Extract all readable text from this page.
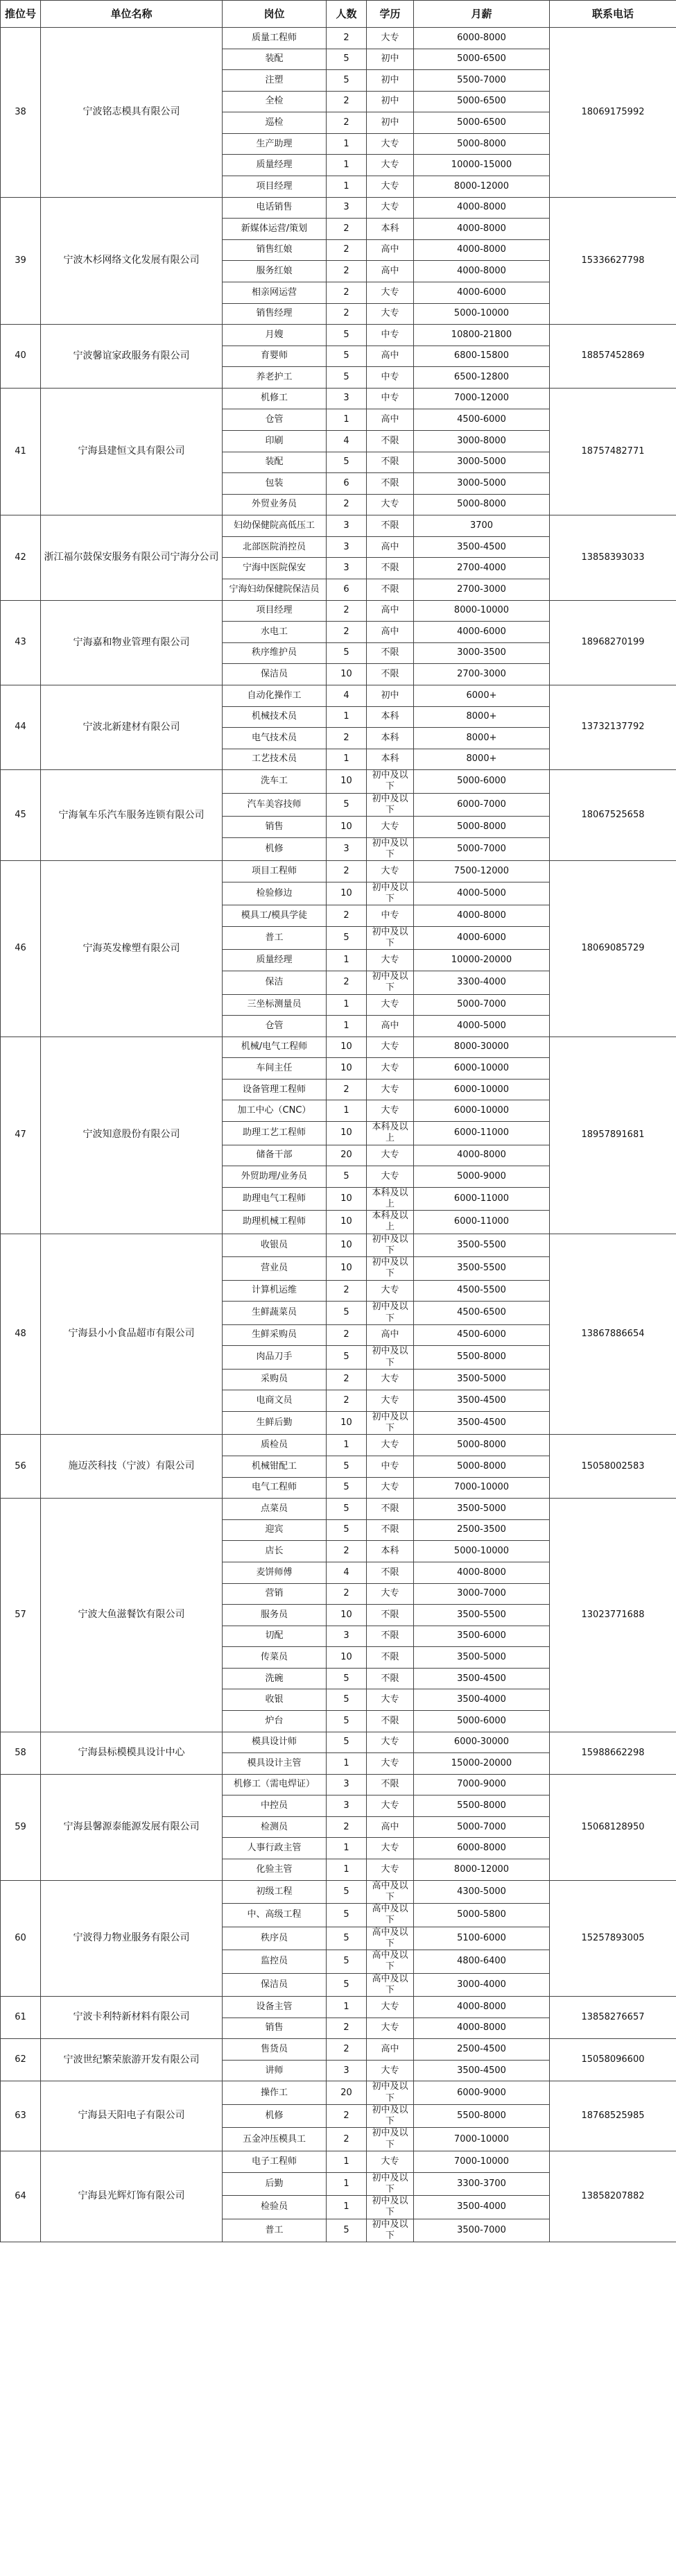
推位号	单位名称	岗位	人数	学历	月薪	联系电话
38	宁波铭志模具有限公司	质量工程师	2	大专	6000-8000	18069175992
		装配	5	初中	5000-6500	
		注塑	5	初中	5500-7000	
		全检	2	初中	5000-6500	
		巡检	2	初中	5000-6500	
		生产助理	1	大专	5000-8000	
		质量经理	1	大专	10000-15000	
		项目经理	1	大专	8000-12000	
39	宁波木杉网络文化发展有限公司	电话销售	3	大专	4000-8000	15336627798
		新媒体运营/策划	2	本科	4000-8000	
		销售红娘	2	高中	4000-8000	
		服务红娘	2	高中	4000-8000	
		相亲网运营	2	大专	4000-6000	
		销售经理	2	大专	5000-10000	
40	宁波馨谊家政服务有限公司	月嫂	5	中专	10800-21800	18857452869
		育婴师	5	高中	6800-15800	
		养老护工	5	中专	6500-12800	
41	宁海县建恒文具有限公司	机修工	3	中专	7000-12000	18757482771
		仓管	1	高中	4500-6000	
		印刷	4	不限	3000-8000	
		装配	5	不限	3000-5000	
		包装	6	不限	3000-5000	
		外贸业务员	2	大专	5000-8000	
42	浙江福尔鼓保安服务有限公司宁海分公司	妇幼保健院高低压工	3	不限	3700	13858393033
		北部医院消控员	3	高中	3500-4500	
		宁海中医院保安	3	不限	2700-4000	
		宁海妇幼保健院保洁员	6	不限	2700-3000	
43	宁海嘉和物业管理有限公司	项目经理	2	高中	8000-10000	18968270199
		水电工	2	高中	4000-6000	
		秩序维护员	5	不限	3000-3500	
		保洁员	10	不限	2700-3000	
44	宁波北新建材有限公司	自动化操作工	4	初中	6000+	13732137792
		机械技术员	1	本科	8000+	
		电气技术员	2	本科	8000+	
		工艺技术员	1	本科	8000+	
45	宁海氧车乐汽车服务连锁有限公司	洗车工	10	初中及以下	5000-6000	18067525658
		汽车美容技师	5	初中及以下	6000-7000	
		销售	10	大专	5000-8000	
		机修	3	初中及以下	5000-7000	
46	宁海英发橡塑有限公司	项目工程师	2	大专	7500-12000	18069085729
		检验修边	10	初中及以下	4000-5000	
		模具工/模具学徒	2	中专	4000-8000	
		普工	5	初中及以下	4000-6000	
		质量经理	1	大专	10000-20000	
		保洁	2	初中及以下	3300-4000	
		三坐标测量员	1	大专	5000-7000	
		仓管	1	高中	4000-5000	
47	宁波知意股份有限公司	机械/电气工程师	10	大专	8000-30000	18957891681
		车间主任	10	大专	6000-10000	
		设备管理工程师	2	大专	6000-10000	
		加工中心（CNC）	1	大专	6000-10000	
		助理工艺工程师	10	本科及以上	6000-11000	
		储备干部	20	大专	4000-8000	
		外贸助理/业务员	5	大专	5000-9000	
		助理电气工程师	10	本科及以上	6000-11000	
		助理机械工程师	10	本科及以上	6000-11000	
48	宁海县小小食品超市有限公司	收银员	10	初中及以下	3500-5500	13867886654
		营业员	10	初中及以下	3500-5500	
		计算机运维	2	大专	4500-5500	
		生鲜蔬菜员	5	初中及以下	4500-6500	
		生鲜采购员	2	高中	4500-6000	
		肉品刀手	5	初中及以下	5500-8000	
		采购员	2	大专	3500-5000	
		电商文员	2	大专	3500-4500	
		生鲜后勤	10	初中及以下	3500-4500	
56	施迈茨科技（宁波）有限公司	质检员	1	大专	5000-8000	15058002583
		机械钳配工	5	中专	5000-8000	
		电气工程师	5	大专	7000-10000	
57	宁波大鱼滋餐饮有限公司	点菜员	5	不限	3500-5000	13023771688
		迎宾	5	不限	2500-3500	
		店长	2	本科	5000-10000	
		麦饼师傅	4	不限	4000-8000	
		营销	2	大专	3000-7000	
		服务员	10	不限	3500-5500	
		切配	3	不限	3500-6000	
		传菜员	10	不限	3500-5000	
		洗碗	5	不限	3500-4500	
		收银	5	大专	3500-4000	
		炉台	5	不限	5000-6000	
58	宁海县标模模具设计中心	模具设计师	5	大专	6000-30000	15988662298
		模具设计主管	1	大专	15000-20000	
59	宁海县馨源泰能源发展有限公司	机修工（需电焊证）	3	不限	7000-9000	15068128950
		中控员	3	大专	5500-8000	
		检测员	2	高中	5000-7000	
		人事行政主管	1	大专	6000-8000	
		化验主管	1	大专	8000-12000	
60	宁波得力物业服务有限公司	初级工程	5	高中及以下	4300-5000	15257893005
		中、高级工程	5	高中及以下	5000-5800	
		秩序员	5	高中及以下	5100-6000	
		监控员	5	高中及以下	4800-6400	
		保洁员	5	高中及以下	3000-4000	
61	宁波卡利特新材料有限公司	设备主管	1	大专	4000-8000	13858276657
		销售	2	大专	4000-8000	
62	宁波世纪繁荣旅游开发有限公司	售货员	2	高中	2500-4500	15058096600
		讲师	3	大专	3500-4500	
63	宁海县天阳电子有限公司	操作工	20	初中及以下	6000-9000	18768525985
		机修	2	初中及以下	5500-8000	
		五金冲压模具工	2	初中及以下	7000-10000	
64	宁海县光辉灯饰有限公司	电子工程师	1	大专	7000-10000	13858207882
		后勤	1	初中及以下	3300-3700	
		检验员	1	初中及以下	3500-4000	
		普工	5	初中及以下	3500-7000	
